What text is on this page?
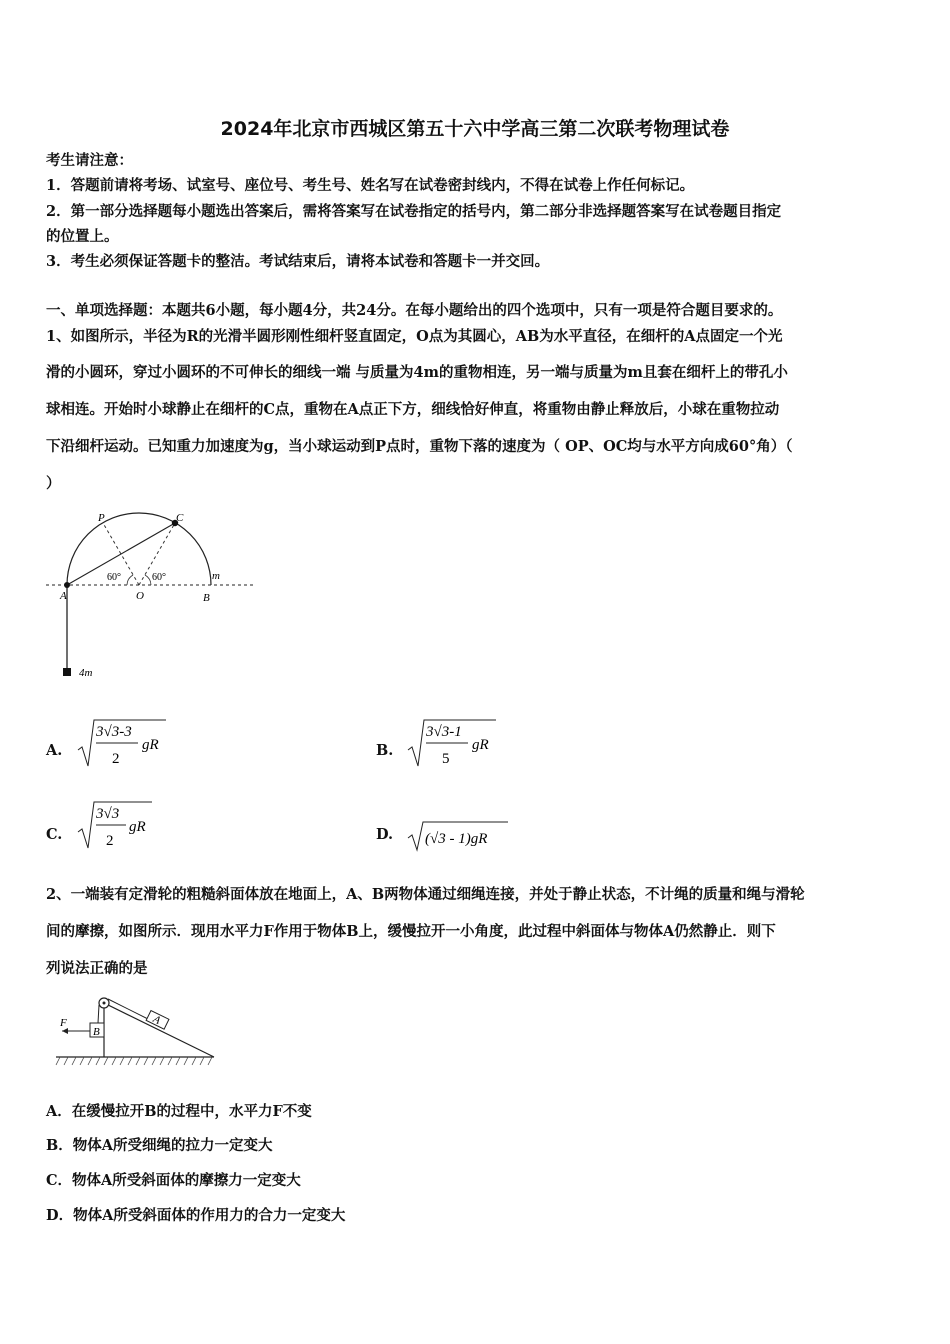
2024年北京市西城区第五十六中学高三第二次联考物理试卷
考生请注意：
1．答题前请将考场、试室号、座位号、考生号、姓名写在试卷密封线内，不得在试卷上作任何标记。
2．第一部分选择题每小题选出答案后，需将答案写在试卷指定的括号内，第二部分非选择题答案写在试卷题目指定
的位置上。
3．考生必须保证答题卡的整洁。考试结束后，请将本试卷和答题卡一并交回。
一、单项选择题：本题共6小题，每小题4分，共24分。在每小题给出的四个选项中，只有一项是符合题目要求的。
1、如图所示，半径为R的光滑半圆形刚性细杆竖直固定，O点为其圆心，AB为水平直径，在细杆的A点固定一个光
滑的小圆环，穿过小圆环的不可伸长的细线一端 与质量为4m的重物相连，另一端与质量为m且套在细杆上的带孔小
球相连。开始时小球静止在细杆的C点，重物在A点正下方，细线恰好伸直，将重物由静止释放后，小球在重物拉动
下沿细杆运动。已知重力加速度为g，当小球运动到P点时，重物下落的速度为（ OP、OC均与水平方向成60°角）（
）
P	C
A	O	B
m
60°	60°
4m
A.
3√3-3
2
gR	B.
3√3-1
5
gR
C.
3√3
2
gR	D. (√3 - 1)gR
2、一端装有定滑轮的粗糙斜面体放在地面上，A、B两物体通过细绳连接，并处于静止状态，不计绳的质量和绳与滑轮
间的摩擦，如图所示．现用水平力F作用于物体B上，缓慢拉开一小角度，此过程中斜面体与物体A仍然静止．则下
列说法正确的是
A
B
F
A．在缓慢拉开B的过程中，水平力F不变
B．物体A所受细绳的拉力一定变大
C．物体A所受斜面体的摩擦力一定变大
D．物体A所受斜面体的作用力的合力一定变大
